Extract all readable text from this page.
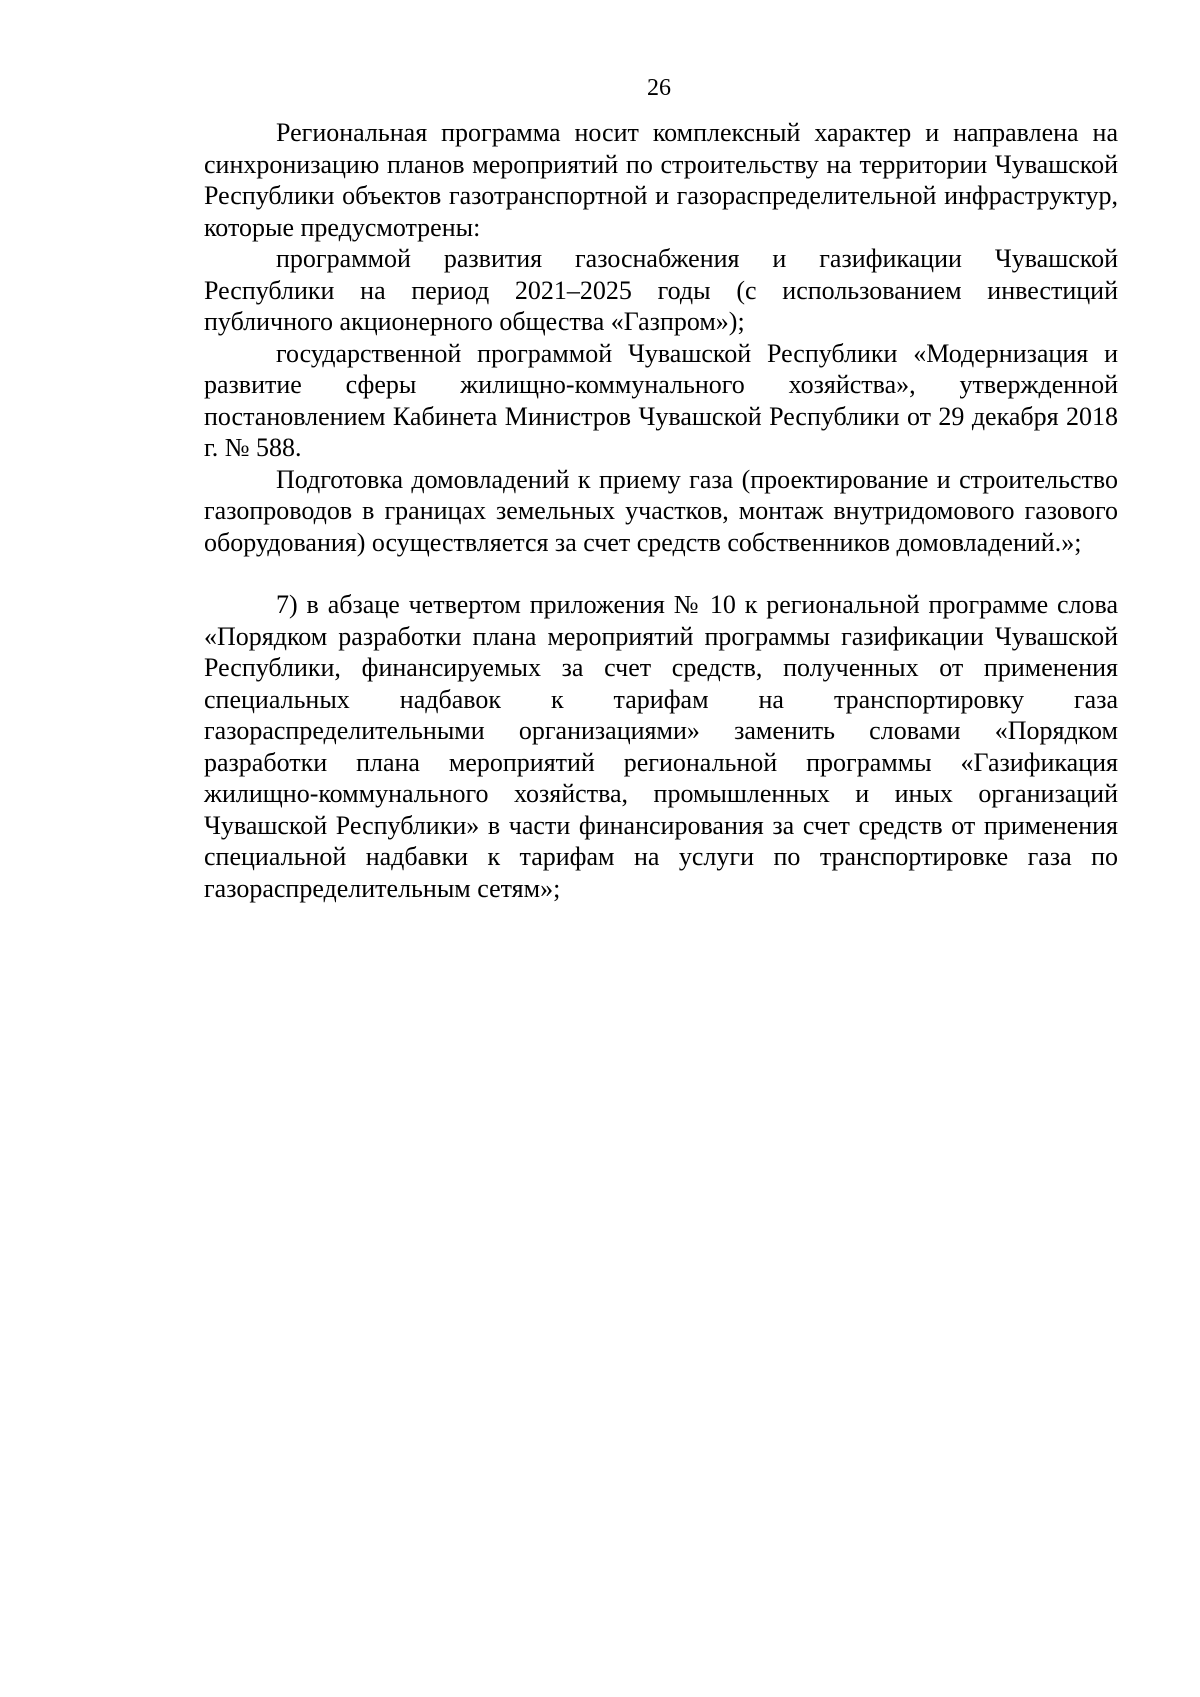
26

Региональная программа носит комплексный характер и направлена на синхронизацию планов мероприятий по строительству на территории Чувашской Республики объектов газотранспортной и газораспределительной инфраструктур, которые предусмотрены:

программой развития газоснабжения и газификации Чувашской Республики на период 2021–2025 годы (с использованием инвестиций публичного акционерного общества «Газпром»);

государственной программой Чувашской Республики «Модернизация и развитие сферы жилищно-коммунального хозяйства», утвержденной постановлением Кабинета Министров Чувашской Республики от 29 декабря 2018 г. № 588.

Подготовка домовладений к приему газа (проектирование и строительство газопроводов в границах земельных участков, монтаж внутридомового газового оборудования) осуществляется за счет средств собственников домовладений.»;

7) в абзаце четвертом приложения № 10 к региональной программе слова «Порядком разработки плана мероприятий программы газификации Чувашской Республики, финансируемых за счет средств, полученных от применения специальных надбавок к тарифам на транспортировку газа газораспределительными организациями» заменить словами «Порядком разработки плана мероприятий региональной программы «Газификация жилищно-коммунального хозяйства, промышленных и иных организаций Чувашской Республики» в части финансирования за счет средств от применения специальной надбавки к тарифам на услуги по транспортировке газа по газораспределительным сетям»;
